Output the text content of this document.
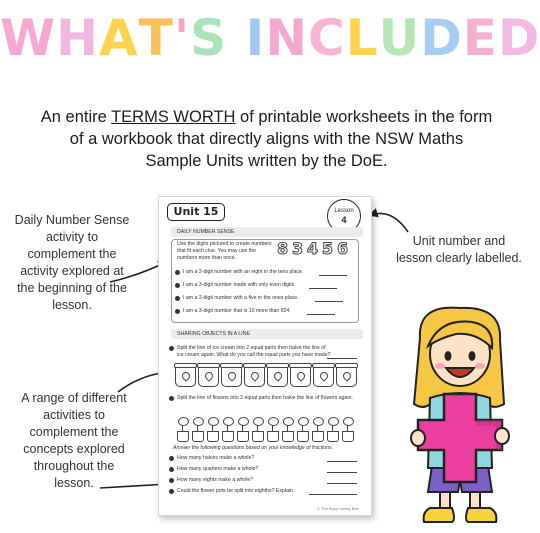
WHAT'S INCLUDED
An entire TERMS WORTH of printable worksheets in the form of a workbook that directly aligns with the NSW Maths Sample Units written by the DoE.
Daily Number Sense
activity to
complement the
activity explored at
the beginning of the
lesson.
Unit number and
lesson clearly labelled.
A range of different
activities to
complement the
concepts explored
throughout the
lesson.
Unit 15	Lesson
4
DAILY NUMBER SENSE
Use the digits pictured to create numbers
that fit each clue. You may use the
numbers more than once.	8 3 4 5 6
I am a 2-digit number with an eight in the tens place.
I am a 3-digit number made with only even digits.
I am a 2-digit number with a five in the ones place.
I am a 3-digit number that is 10 more than 824.
SHARING OBJECTS IN A LINE
Split the line of ice cream into 2 equal parts then halve the line of
ice cream again. What do you call the equal parts you have made?
Split the line of flowers into 2 equal parts then halve the line of flowers again.
Answer the following questions based on your knowledge of fractions.
How many halves make a whole?
How many quarters make a whole?
How many eights make a whole?
Could the flower pots be split into eighths? Explain.
© The Busy Honey Bee
